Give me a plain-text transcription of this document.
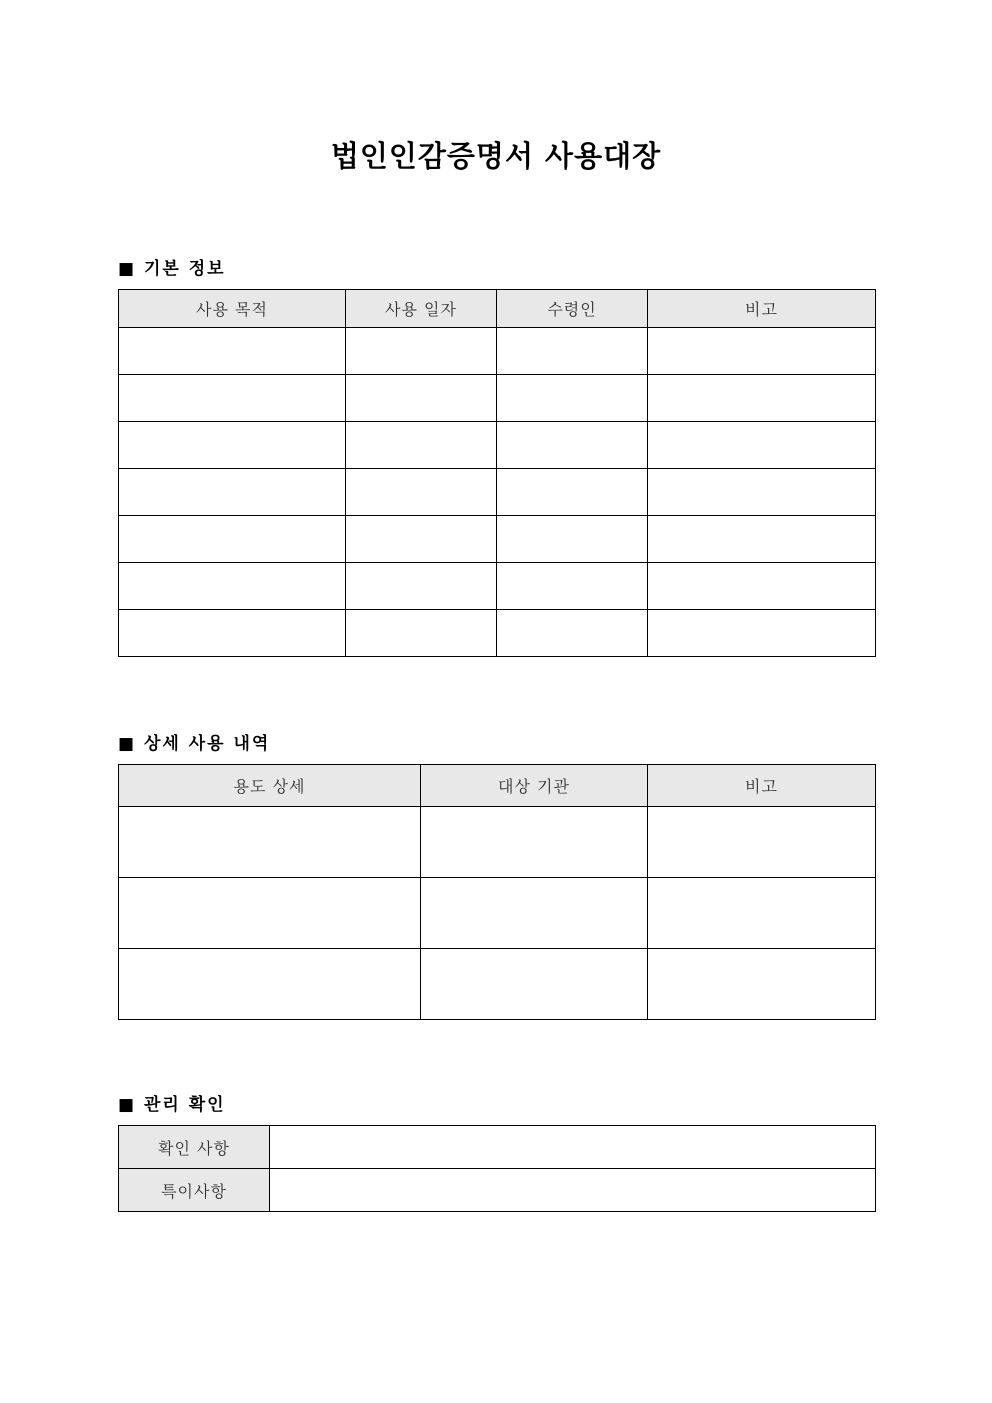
법인인감증명서 사용대장
■ 기본 정보
사용 목적	사용 일자	수령인	비고

■ 상세 사용 내역
용도 상세	대상 기관	비고

■ 관리 확인
확인 사항	
특이사항	
